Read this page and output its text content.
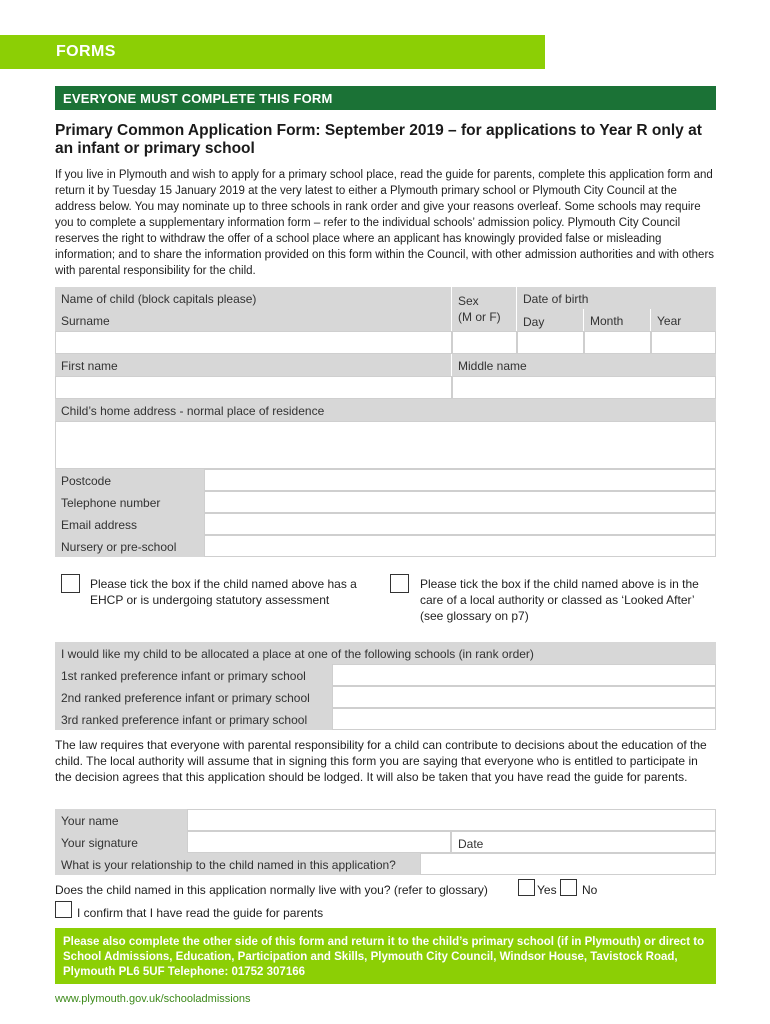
FORMS
EVERYONE MUST COMPLETE THIS FORM
Primary Common Application Form: September 2019 – for applications to Year R only at an infant or primary school
If you live in Plymouth and wish to apply for a primary school place, read the guide for parents, complete this application form and return it by Tuesday 15 January 2019 at the very latest to either a Plymouth primary school or Plymouth City Council at the address below. You may nominate up to three schools in rank order and give your reasons overleaf. Some schools may require you to complete a supplementary information form – refer to the individual schools’ admission policy. Plymouth City Council reserves the right to withdraw the offer of a school place where an applicant has knowingly provided false or misleading information; and to share the information provided on this form within the Council, with other admission authorities and with others with parental responsibility for the child.
Name of child (block capitals please)
Surname
Sex
(M or F)
Date of birth
Day	Month	Year
First name	Middle name
Child’s home address - normal place of residence
Postcode
Telephone number
Email address
Nursery or pre-school
Please tick the box if the child named above has a EHCP or is undergoing statutory assessment
Please tick the box if the child named above is in the care of a local authority or classed as ‘Looked After’ (see glossary on p7)
I would like my child to be allocated a place at one of the following schools (in rank order)
1st ranked preference infant or primary school
2nd ranked preference infant or primary school
3rd ranked preference infant or primary school
The law requires that everyone with parental responsibility for a child can contribute to decisions about the education of the child. The local authority will assume that in signing this form you are saying that everyone who is entitled to participate in the decision agrees that this application should be lodged. It will also be taken that you have read the guide for parents.
Your name
Your signature	Date
What is your relationship to the child named in this application?
Does the child named in this application normally live with you? (refer to glossary)	Yes No
I confirm that I have read the guide for parents
Please also complete the other side of this form and return it to the child’s primary school (if in Plymouth) or direct to School Admissions, Education, Participation and Skills, Plymouth City Council, Windsor House, Tavistock Road, Plymouth PL6 5UF Telephone: 01752 307166
www.plymouth.gov.uk/schooladmissions
